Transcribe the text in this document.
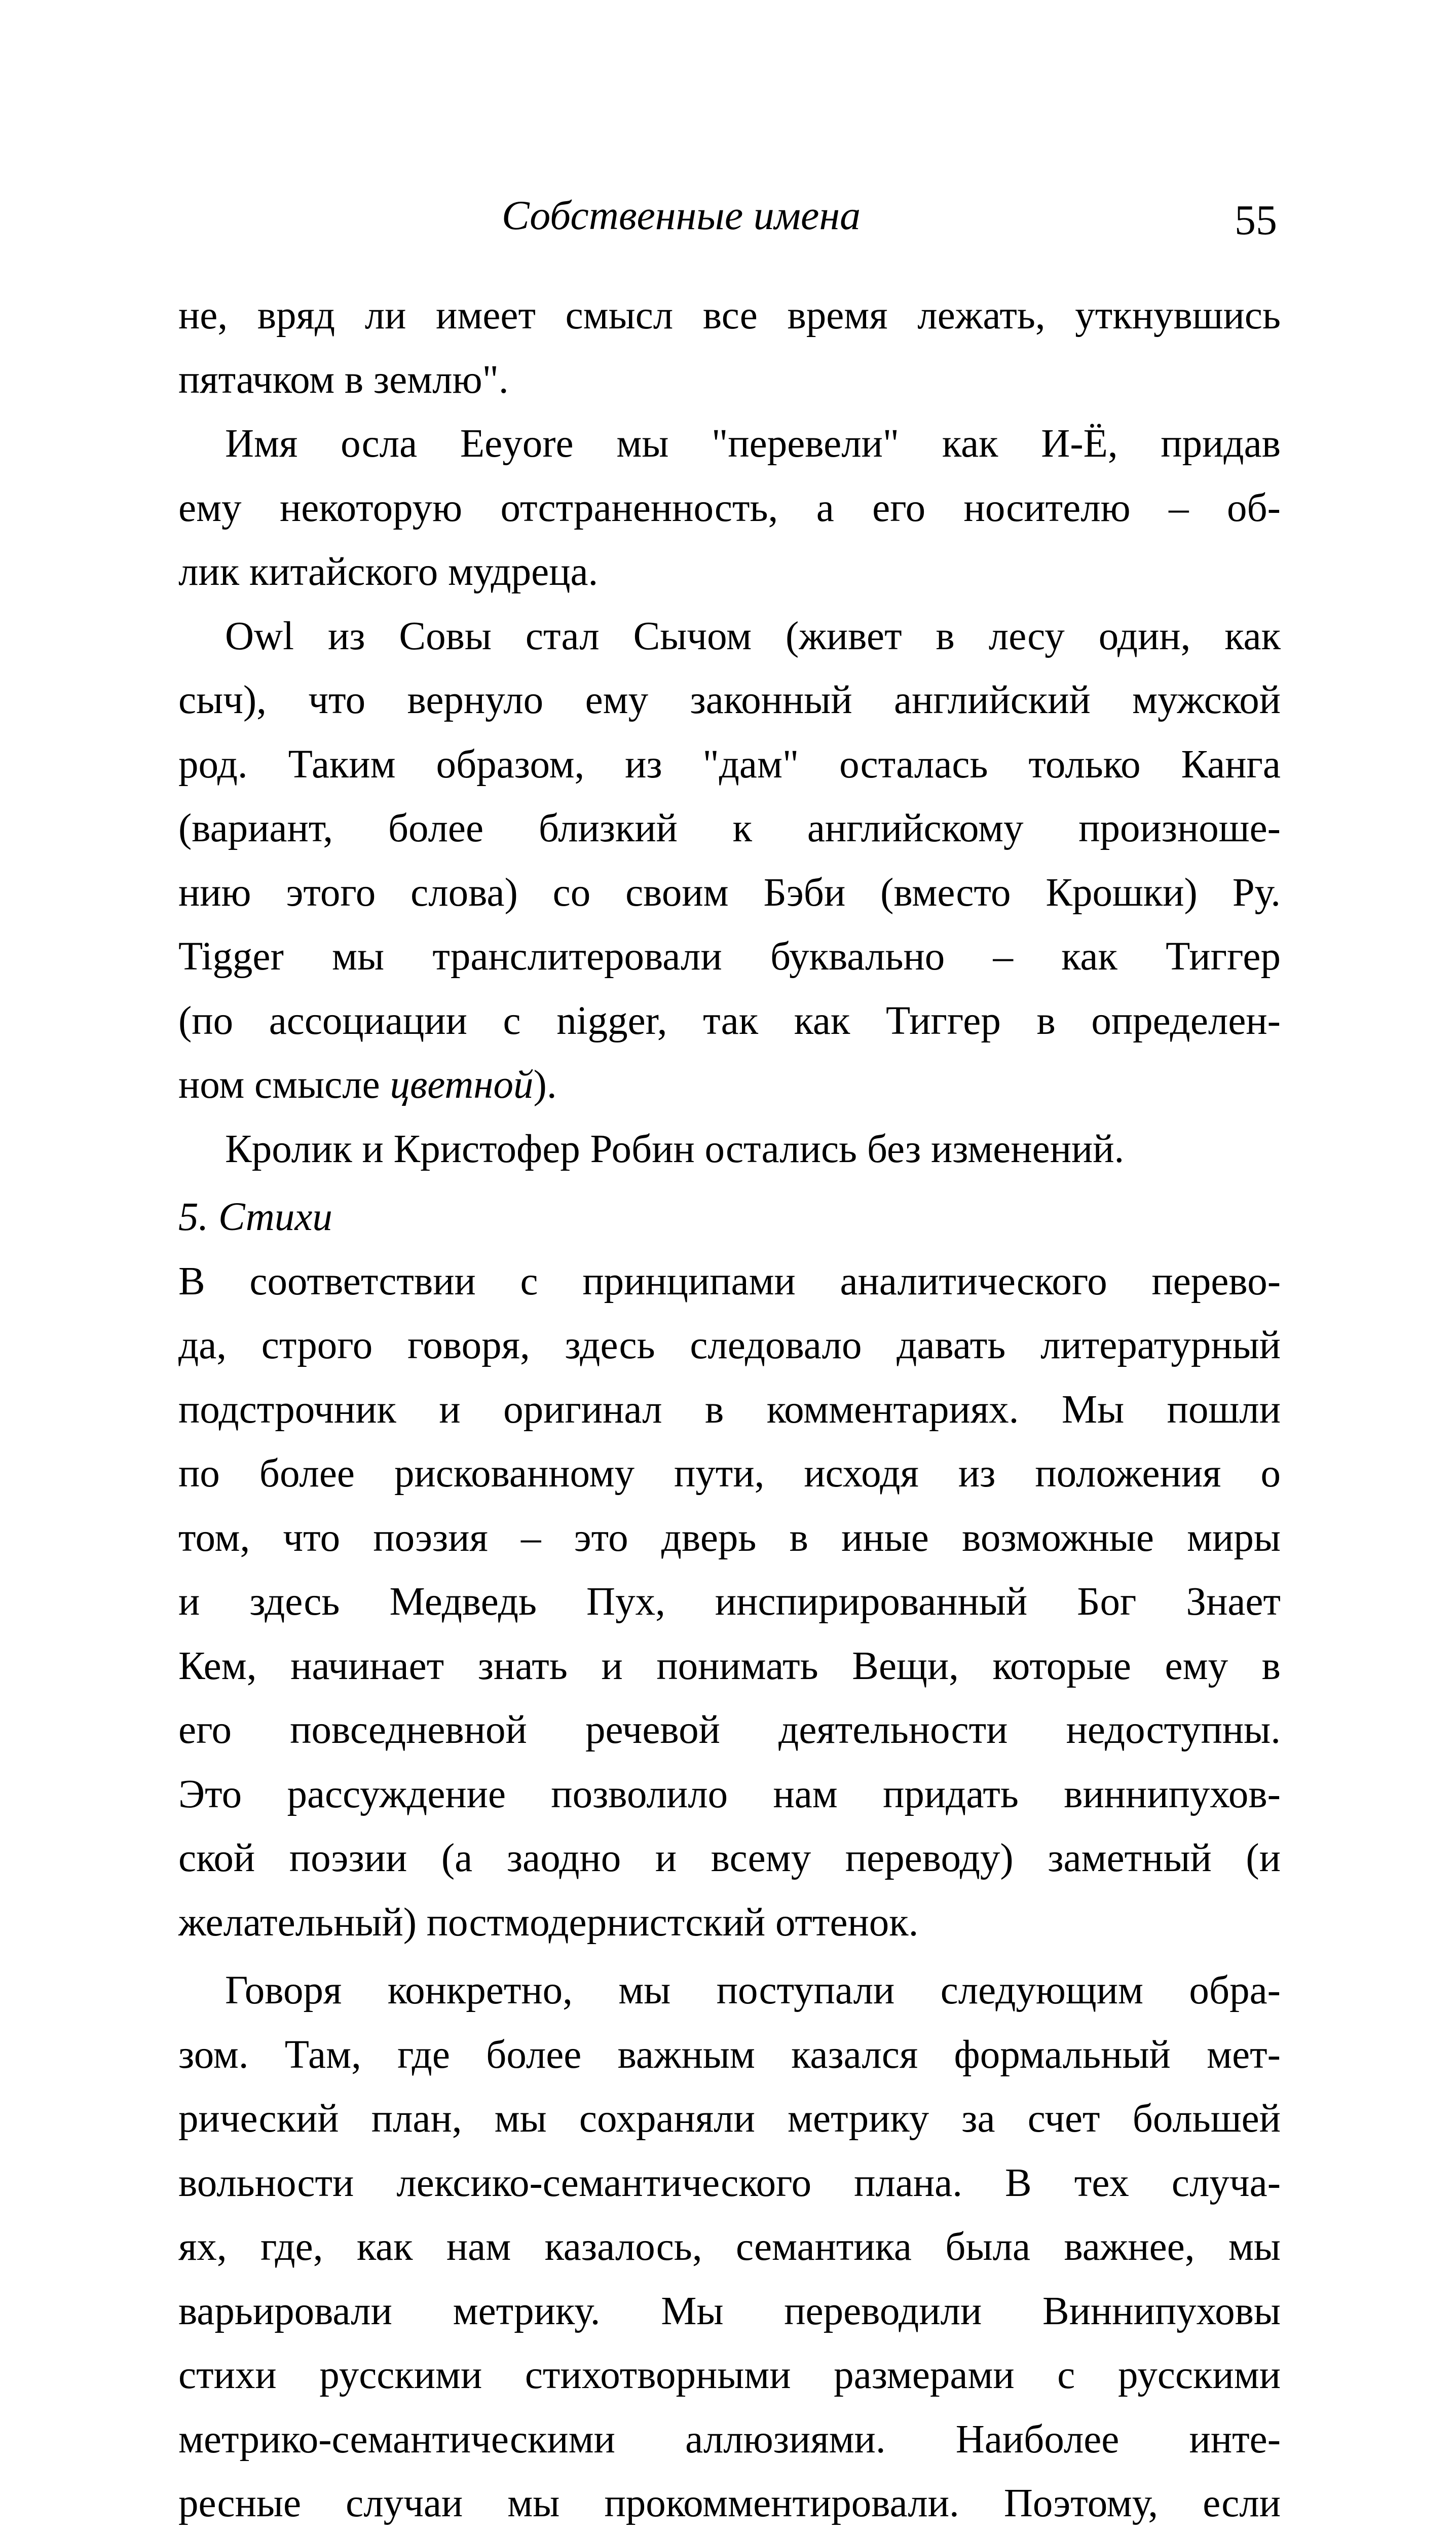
Собственные имена	55
не, вряд ли имеет смысл все время лежать, уткнувшись
пятачком в землю".
Имя осла Eeyore мы "перевели" как И-Ё, придав
ему некоторую отстраненность, а его носителю – об-
лик китайского мудреца.
Owl из Совы стал Сычом (живет в лесу один, как
сыч), что вернуло ему законный английский мужской
род. Таким образом, из "дам" осталась только Канга
(вариант, более близкий к английскому произноше-
нию этого слова) со своим Бэби (вместо Крошки) Ру.
Tigger мы транслитеровали буквально – как Тиггер
(по ассоциации с nigger, так как Тиггер в определен-
ном смысле цветной).
Кролик и Кристофер Робин остались без изменений.
5. Стихи
В соответствии с принципами аналитического перево-
да, строго говоря, здесь следовало давать литературный
подстрочник и оригинал в комментариях. Мы пошли
по более рискованному пути, исходя из положения о
том, что поэзия – это дверь в иные возможные миры
и здесь Медведь Пух, инспирированный Бог Знает
Кем, начинает знать и понимать Вещи, которые ему в
его повседневной речевой деятельности недоступны.
Это рассуждение позволило нам придать виннипухов-
ской поэзии (а заодно и всему переводу) заметный (и
желательный) постмодернистский оттенок.
Говоря конкретно, мы поступали следующим обра-
зом. Там, где более важным казался формальный мет-
рический план, мы сохраняли метрику за счет большей
вольности лексико-семантического плана. В тех случа-
ях, где, как нам казалось, семантика была важнее, мы
варьировали метрику. Мы переводили Виннипуховы
стихи русскими стихотворными размерами с русскими
метрико-семантическими аллюзиями. Наиболее инте-
ресные случаи мы прокомментировали. Поэтому, если
